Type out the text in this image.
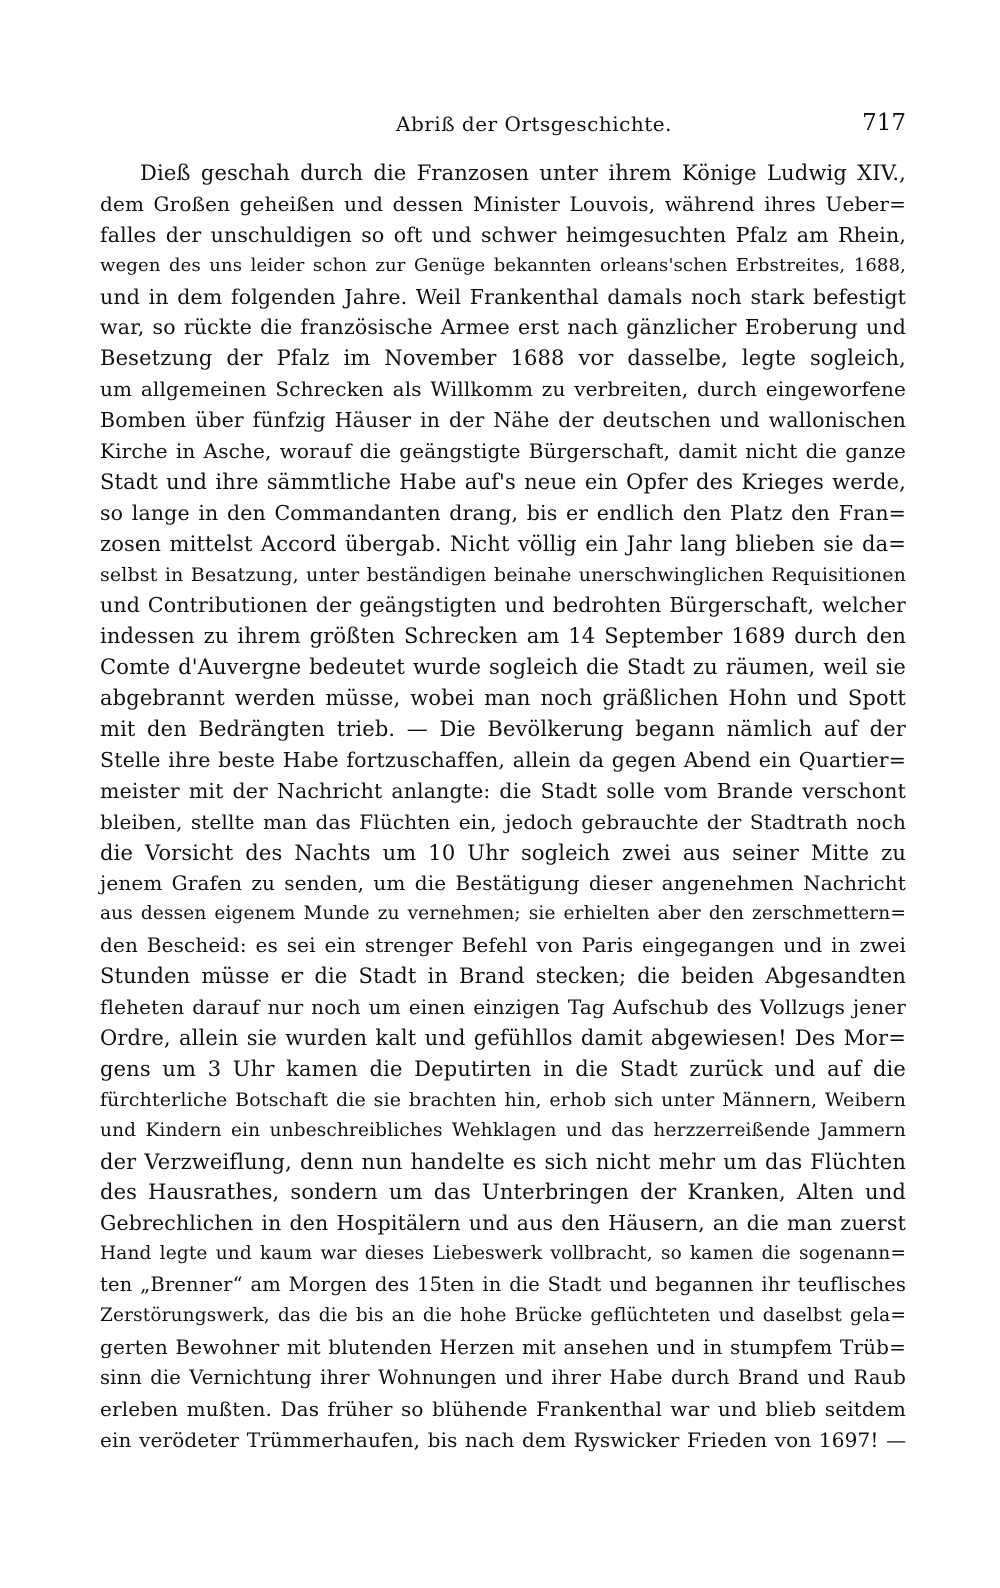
Abriß der Ortsgeschichte.	717
Dieß geschah durch die Franzosen unter ihrem Könige Ludwig XIV.,
dem Großen geheißen und dessen Minister Louvois, während ihres Ueber=
falles der unschuldigen so oft und schwer heimgesuchten Pfalz am Rhein,
wegen des uns leider schon zur Genüge bekannten orleans'schen Erbstreites, 1688,
und in dem folgenden Jahre. Weil Frankenthal damals noch stark befestigt
war, so rückte die französische Armee erst nach gänzlicher Eroberung und
Besetzung der Pfalz im November 1688 vor dasselbe, legte sogleich,
um allgemeinen Schrecken als Willkomm zu verbreiten, durch eingeworfene
Bomben über fünfzig Häuser in der Nähe der deutschen und wallonischen
Kirche in Asche, worauf die geängstigte Bürgerschaft, damit nicht die ganze
Stadt und ihre sämmtliche Habe auf's neue ein Opfer des Krieges werde,
so lange in den Commandanten drang, bis er endlich den Platz den Fran=
zosen mittelst Accord übergab. Nicht völlig ein Jahr lang blieben sie da=
selbst in Besatzung, unter beständigen beinahe unerschwinglichen Requisitionen
und Contributionen der geängstigten und bedrohten Bürgerschaft, welcher
indessen zu ihrem größten Schrecken am 14 September 1689 durch den
Comte d'Auvergne bedeutet wurde sogleich die Stadt zu räumen, weil sie
abgebrannt werden müsse, wobei man noch gräßlichen Hohn und Spott
mit den Bedrängten trieb. — Die Bevölkerung begann nämlich auf der
Stelle ihre beste Habe fortzuschaffen, allein da gegen Abend ein Quartier=
meister mit der Nachricht anlangte: die Stadt solle vom Brande verschont
bleiben, stellte man das Flüchten ein, jedoch gebrauchte der Stadtrath noch
die Vorsicht des Nachts um 10 Uhr sogleich zwei aus seiner Mitte zu
jenem Grafen zu senden, um die Bestätigung dieser angenehmen Nachricht
aus dessen eigenem Munde zu vernehmen; sie erhielten aber den zerschmettern=
den Bescheid: es sei ein strenger Befehl von Paris eingegangen und in zwei
Stunden müsse er die Stadt in Brand stecken; die beiden Abgesandten
fleheten darauf nur noch um einen einzigen Tag Aufschub des Vollzugs jener
Ordre, allein sie wurden kalt und gefühllos damit abgewiesen! Des Mor=
gens um 3 Uhr kamen die Deputirten in die Stadt zurück und auf die
fürchterliche Botschaft die sie brachten hin, erhob sich unter Männern, Weibern
und Kindern ein unbeschreibliches Wehklagen und das herzzerreißende Jammern
der Verzweiflung, denn nun handelte es sich nicht mehr um das Flüchten
des Hausrathes, sondern um das Unterbringen der Kranken, Alten und
Gebrechlichen in den Hospitälern und aus den Häusern, an die man zuerst
Hand legte und kaum war dieses Liebeswerk vollbracht, so kamen die sogenann=
ten „Brenner“ am Morgen des 15ten in die Stadt und begannen ihr teuflisches
Zerstörungswerk, das die bis an die hohe Brücke geflüchteten und daselbst gela=
gerten Bewohner mit blutenden Herzen mit ansehen und in stumpfem Trüb=
sinn die Vernichtung ihrer Wohnungen und ihrer Habe durch Brand und Raub
erleben mußten. Das früher so blühende Frankenthal war und blieb seitdem
ein verödeter Trümmerhaufen, bis nach dem Ryswicker Frieden von 1697! —
